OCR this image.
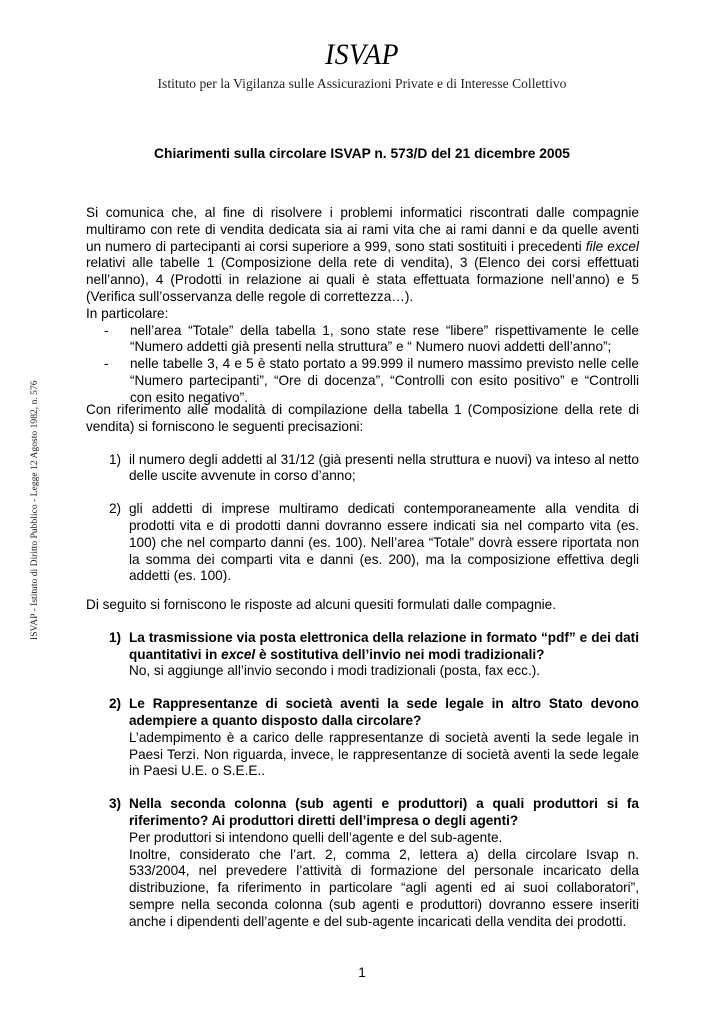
ISVAP
Istituto per la Vigilanza sulle Assicurazioni Private e di Interesse Collettivo
ISVAP - Istituto di Diritto Pubblico - Legge 12 Agosto 1982, n. 576
Chiarimenti sulla circolare ISVAP n. 573/D del 21 dicembre 2005

Si comunica che, al fine di risolvere i problemi informatici riscontrati dalle compagnie multiramo con rete di vendita dedicata sia ai rami vita che ai rami danni e da quelle aventi un numero di partecipanti ai corsi superiore a 999, sono stati sostituiti i precedenti file excel relativi alle tabelle 1 (Composizione della rete di vendita), 3 (Elenco dei corsi effettuati nell’anno), 4 (Prodotti in relazione ai quali è stata effettuata formazione nell’anno) e 5 (Verifica sull’osservanza delle regole di correttezza…).

In particolare:

- nell’area “Totale” della tabella 1, sono state rese “libere” rispettivamente le celle “Numero addetti già presenti nella struttura” e “ Numero nuovi addetti dell’anno”;
- nelle tabelle 3, 4 e 5 è stato portato a 99.999 il numero massimo previsto nelle celle “Numero partecipanti”, “Ore di docenza”, “Controlli con esito positivo” e “Controlli con esito negativo”.

Con riferimento alle modalità di compilazione della tabella 1 (Composizione della rete di vendita) si forniscono le seguenti precisazioni:

1) il numero degli addetti al 31/12 (già presenti nella struttura e nuovi) va inteso al netto delle uscite avvenute in corso d’anno;
2) gli addetti di imprese multiramo dedicati contemporaneamente alla vendita di prodotti vita e di prodotti danni dovranno essere indicati sia nel comparto vita (es. 100) che nel comparto danni (es. 100). Nell’area “Totale” dovrà essere riportata non la somma dei comparti vita e danni (es. 200), ma la composizione effettiva degli addetti (es. 100).

Di seguito si forniscono le risposte ad alcuni quesiti formulati dalle compagnie.

1) La trasmissione via posta elettronica della relazione in formato “pdf” e dei dati quantitativi in excel è sostitutiva dell’invio nei modi tradizionali?
No, si aggiunge all’invio secondo i modi tradizionali (posta, fax ecc.).
2) Le Rappresentanze di società aventi la sede legale in altro Stato devono adempiere a quanto disposto dalla circolare?
L’adempimento è a carico delle rappresentanze di società aventi la sede legale in Paesi Terzi. Non riguarda, invece, le rappresentanze di società aventi la sede legale in Paesi U.E. o S.E.E..
3) Nella seconda colonna (sub agenti e produttori) a quali produttori si fa riferimento? Ai produttori diretti dell’impresa o degli agenti?
Per produttori si intendono quelli dell’agente e del sub-agente.
Inoltre, considerato che l’art. 2, comma 2, lettera a) della circolare Isvap n. 533/2004, nel prevedere l’attività di formazione del personale incaricato della distribuzione, fa riferimento in particolare “agli agenti ed ai suoi collaboratori”, sempre nella seconda colonna (sub agenti e produttori) dovranno essere inseriti anche i dipendenti dell’agente e del sub-agente incaricati della vendita dei prodotti.
1
